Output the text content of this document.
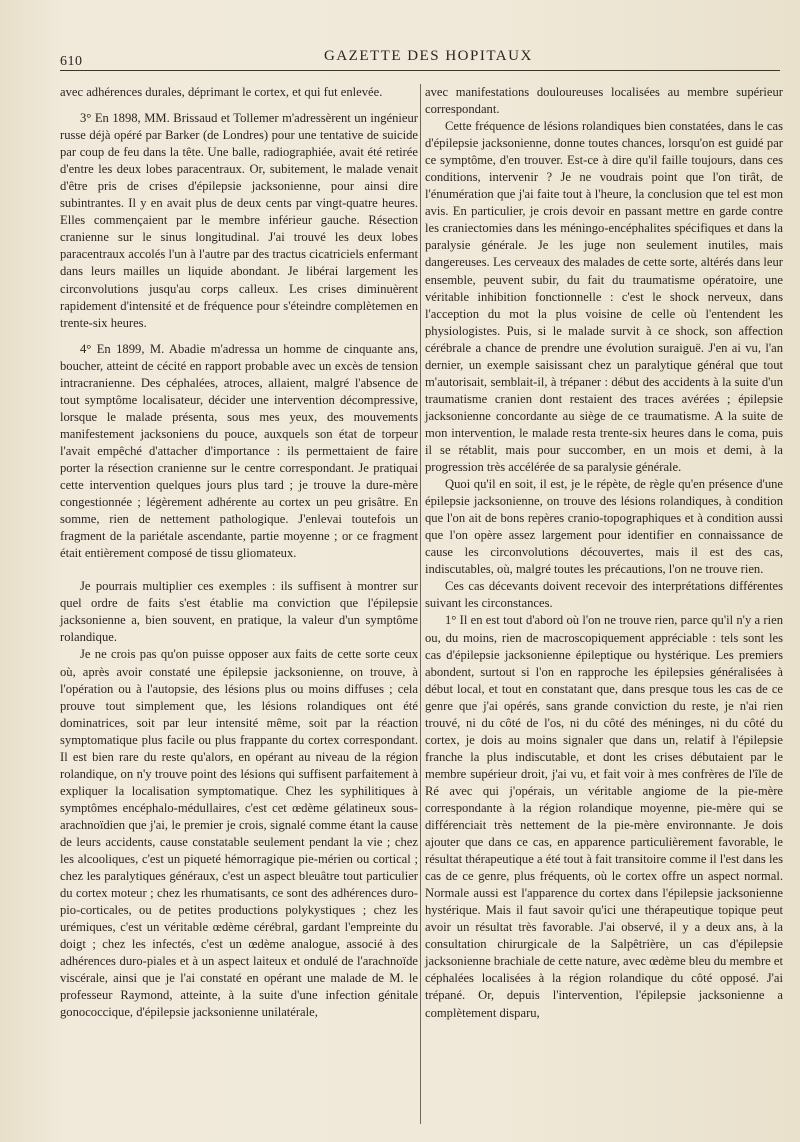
610	GAZETTE DES HOPITAUX

avec adhérences durales, déprimant le cortex, et qui fut enlevée.

3° En 1898, MM. Brissaud et Tollemer m'adressèrent un ingénieur russe déjà opéré par Barker (de Londres) pour une tentative de suicide par coup de feu dans la tête. Une balle, radiographiée, avait été retirée d'entre les deux lobes paracentraux. Or, subitement, le malade venait d'être pris de crises d'épilepsie jacksonienne, pour ainsi dire subintrantes. Il y en avait plus de deux cents par vingt-quatre heures. Elles commençaient par le membre inférieur gauche. Résection cranienne sur le sinus longitudinal. J'ai trouvé les deux lobes paracentraux accolés l'un à l'autre par des tractus cicatriciels enfermant dans leurs mailles un liquide abondant. Je libérai largement les circonvolutions jusqu'au corps calleux. Les crises diminuèrent rapidement d'intensité et de fréquence pour s'éteindre complètemen en trente-six heures.

4° En 1899, M. Abadie m'adressa un homme de cinquante ans, boucher, atteint de cécité en rapport probable avec un excès de tension intracranienne. Des céphalées, atroces, allaient, malgré l'absence de tout symptôme localisateur, décider une intervention décompressive, lorsque le malade présenta, sous mes yeux, des mouvements manifestement jacksoniens du pouce, auxquels son état de torpeur l'avait empêché d'attacher d'importance : ils permettaient de faire porter la résection cranienne sur le centre correspondant. Je pratiquai cette intervention quelques jours plus tard ; je trouve la dure-mère congestionnée ; légèrement adhérente au cortex un peu grisâtre. En somme, rien de nettement pathologique. J'enlevai toutefois un fragment de la pariétale ascendante, partie moyenne ; or ce fragment était entièrement composé de tissu gliomateux.

Je pourrais multiplier ces exemples : ils suffisent à montrer sur quel ordre de faits s'est établie ma conviction que l'épilepsie jacksonienne a, bien souvent, en pratique, la valeur d'un symptôme rolandique.

Je ne crois pas qu'on puisse opposer aux faits de cette sorte ceux où, après avoir constaté une épilepsie jacksonienne, on trouve, à l'opération ou à l'autopsie, des lésions plus ou moins diffuses ; cela prouve tout simplement que, les lésions rolandiques ont été dominatrices, soit par leur intensité même, soit par la réaction symptomatique plus facile ou plus frappante du cortex correspondant. Il est bien rare du reste qu'alors, en opérant au niveau de la région rolandique, on n'y trouve point des lésions qui suffisent parfaitement à expliquer la localisation symptomatique. Chez les syphilitiques à symptômes encéphalo-médullaires, c'est cet œdème gélatineux sous-arachnoïdien que j'ai, le premier je crois, signalé comme étant la cause de leurs accidents, cause constatable seulement pendant la vie ; chez les alcooliques, c'est un piqueté hémorragique pie-mérien ou cortical ; chez les paralytiques généraux, c'est un aspect bleuâtre tout particulier du cortex moteur ; chez les rhumatisants, ce sont des adhérences duro-pio-corticales, ou de petites productions polykystiques ; chez les urémiques, c'est un véritable œdème cérébral, gardant l'empreinte du doigt ; chez les infectés, c'est un œdème analogue, associé à des adhérences duro-piales et à un aspect laiteux et ondulé de l'arachnoïde viscérale, ainsi que je l'ai constaté en opérant une malade de M. le professeur Raymond, atteinte, à la suite d'une infection génitale gonococcique, d'épilepsie jacksonienne unilatérale,

avec manifestations douloureuses localisées au membre supérieur correspondant.

Cette fréquence de lésions rolandiques bien constatées, dans le cas d'épilepsie jacksonienne, donne toutes chances, lorsqu'on est guidé par ce symptôme, d'en trouver. Est-ce à dire qu'il faille toujours, dans ces conditions, intervenir ? Je ne voudrais point que l'on tirât, de l'énumération que j'ai faite tout à l'heure, la conclusion que tel est mon avis. En particulier, je crois devoir en passant mettre en garde contre les craniectomies dans les méningo-encéphalites spécifiques et dans la paralysie générale. Je les juge non seulement inutiles, mais dangereuses. Les cerveaux des malades de cette sorte, altérés dans leur ensemble, peuvent subir, du fait du traumatisme opératoire, une véritable inhibition fonctionnelle : c'est le shock nerveux, dans l'acception du mot la plus voisine de celle où l'entendent les physiologistes. Puis, si le malade survit à ce shock, son affection cérébrale a chance de prendre une évolution suraiguë. J'en ai vu, l'an dernier, un exemple saisissant chez un paralytique général que tout m'autorisait, semblait-il, à trépaner : début des accidents à la suite d'un traumatisme cranien dont restaient des traces avérées ; épilepsie jacksonienne concordante au siège de ce traumatisme. A la suite de mon intervention, le malade resta trente-six heures dans le coma, puis il se rétablit, mais pour succomber, en un mois et demi, à la progression très accélérée de sa paralysie générale.

Quoi qu'il en soit, il est, je le répète, de règle qu'en présence d'une épilepsie jacksonienne, on trouve des lésions rolandiques, à condition que l'on ait de bons repères cranio-topographiques et à condition aussi que l'on opère assez largement pour identifier en connaissance de cause les circonvolutions découvertes, mais il est des cas, indiscutables, où, malgré toutes les précautions, l'on ne trouve rien.

Ces cas décevants doivent recevoir des interprétations différentes suivant les circonstances.

1° Il en est tout d'abord où l'on ne trouve rien, parce qu'il n'y a rien ou, du moins, rien de macroscopiquement appréciable : tels sont les cas d'épilepsie jacksonienne épileptique ou hystérique. Les premiers abondent, surtout si l'on en rapproche les épilepsies généralisées à début local, et tout en constatant que, dans presque tous les cas de ce genre que j'ai opérés, sans grande conviction du reste, je n'ai rien trouvé, ni du côté de l'os, ni du côté des méninges, ni du côté du cortex, je dois au moins signaler que dans un, relatif à l'épilepsie franche la plus indiscutable, et dont les crises débutaient par le membre supérieur droit, j'ai vu, et fait voir à mes confrères de l'île de Ré avec qui j'opérais, un véritable angiome de la pie-mère correspondante à la région rolandique moyenne, pie-mère qui se différenciait très nettement de la pie-mère environnante. Je dois ajouter que dans ce cas, en apparence particulièrement favorable, le résultat thérapeutique a été tout à fait transitoire comme il l'est dans les cas de ce genre, plus fréquents, où le cortex offre un aspect normal. Normale aussi est l'apparence du cortex dans l'épilepsie jacksonienne hystérique. Mais il faut savoir qu'ici une thérapeutique topique peut avoir un résultat très favorable. J'ai observé, il y a deux ans, à la consultation chirurgicale de la Salpêtrière, un cas d'épilepsie jacksonienne brachiale de cette nature, avec œdème bleu du membre et céphalées localisées à la région rolandique du côté opposé. J'ai trépané. Or, depuis l'intervention, l'épilepsie jacksonienne a complètement disparu,
